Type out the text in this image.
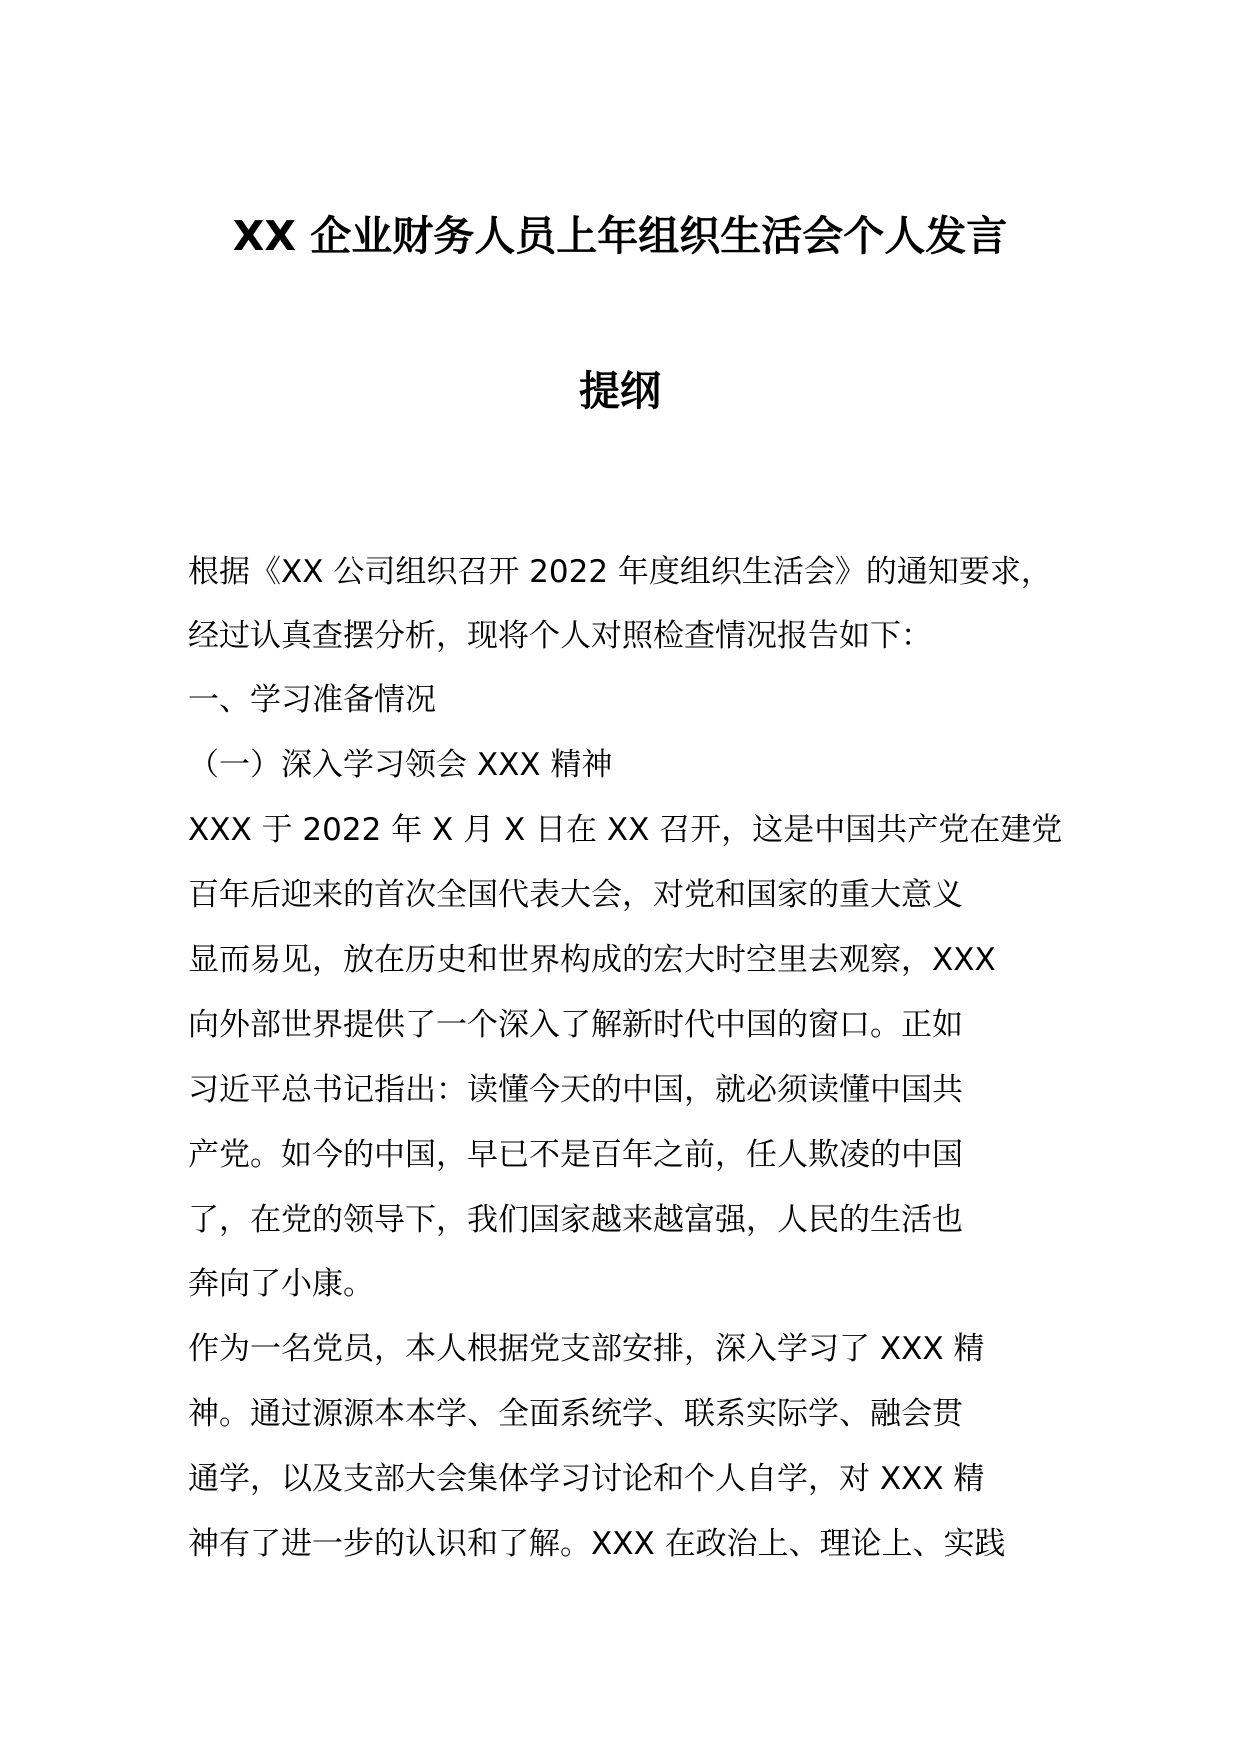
XX 企业财务人员上年组织生活会个人发言
提纲
根据《XX 公司组织召开 2022 年度组织生活会》的通知要求，
经过认真查摆分析，现将个人对照检查情况报告如下：
一、学习准备情况
（一）深入学习领会 XXX 精神
XXX 于 2022 年 X 月 X 日在 XX 召开，这是中国共产党在建党
百年后迎来的首次全国代表大会，对党和国家的重大意义
显而易见，放在历史和世界构成的宏大时空里去观察，XXX
向外部世界提供了一个深入了解新时代中国的窗口。正如
习近平总书记指出：读懂今天的中国，就必须读懂中国共
产党。如今的中国，早已不是百年之前，任人欺凌的中国
了，在党的领导下，我们国家越来越富强，人民的生活也
奔向了小康。
作为一名党员，本人根据党支部安排，深入学习了 XXX 精
神。通过源源本本学、全面系统学、联系实际学、融会贯
通学，以及支部大会集体学习讨论和个人自学，对 XXX 精
神有了进一步的认识和了解。XXX 在政治上、理论上、实践
